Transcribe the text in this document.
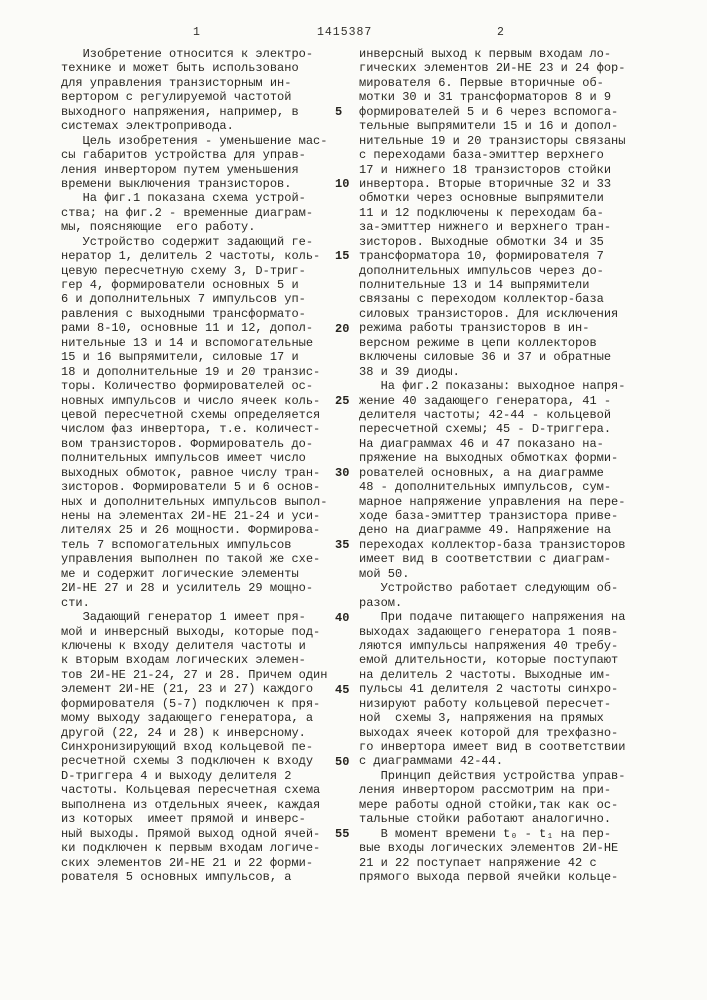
1	1415387	2
Изобретение относится к электро-
технике и может быть использовано
для управления транзисторным ин-
вертором с регулируемой частотой
выходного напряжения, например, в
системах электропривода.
Цель изобретения - уменьшение мас-
сы габаритов устройства для управ-
ления инвертором путем уменьшения
времени выключения транзисторов.
На фиг.1 показана схема устрой-
ства; на фиг.2 - временные диаграм-
мы, поясняющие  его работу.
Устройство содержит задающий ге-
нератор 1, делитель 2 частоты, коль-
цевую пересчетную схему 3, D-триг-
гер 4, формирователи основных 5 и
6 и дополнительных 7 импульсов уп-
равления с выходными трансформато-
рами 8-10, основные 11 и 12, допол-
нительные 13 и 14 и вспомогательные
15 и 16 выпрямители, силовые 17 и
18 и дополнительные 19 и 20 транзис-
торы. Количество формирователей ос-
новных импульсов и число ячеек коль-
цевой пересчетной схемы определяется
числом фаз инвертора, т.е. количест-
вом транзисторов. Формирователь до-
полнительных импульсов имеет число
выходных обмоток, равное числу тран-
зисторов. Формирователи 5 и 6 основ-
ных и дополнительных импульсов выпол-
нены на элементах 2И-НЕ 21-24 и уси-
лителях 25 и 26 мощности. Формирова-
тель 7 вспомогательных импульсов
управления выполнен по такой же схе-
ме и содержит логические элементы
2И-НЕ 27 и 28 и усилитель 29 мощно-
сти.
Задающий генератор 1 имеет пря-
мой и инверсный выходы, которые под-
ключены к входу делителя частоты и
к вторым входам логических элемен-
тов 2И-НЕ 21-24, 27 и 28. Причем один
элемент 2И-НЕ (21, 23 и 27) каждого
формирователя (5-7) подключен к пря-
мому выходу задающего генератора, а
другой (22, 24 и 28) к инверсному.
Синхронизирующий вход кольцевой пе-
ресчетной схемы 3 подключен к входу
D-триггера 4 и выходу делителя 2
частоты. Кольцевая пересчетная схема
выполнена из отдельных ячеек, каждая
из которых  имеет прямой и инверс-
ный выходы. Прямой выход одной ячей-
ки подключен к первым входам логиче-
ских элементов 2И-НЕ 21 и 22 форми-
рователя 5 основных импульсов, а
5
10
15
20
25
30
35
40
45
50
55
инверсный выход к первым входам ло-
гических элементов 2И-НЕ 23 и 24 фор-
мирователя 6. Первые вторичные об-
мотки 30 и 31 трансформаторов 8 и 9
формирователей 5 и 6 через вспомога-
тельные выпрямители 15 и 16 и допол-
нительные 19 и 20 транзисторы связаны
с переходами база-эмиттер верхнего
17 и нижнего 18 транзисторов стойки
инвертора. Вторые вторичные 32 и 33
обмотки через основные выпрямители
11 и 12 подключены к переходам ба-
за-эмиттер нижнего и верхнего тран-
зисторов. Выходные обмотки 34 и 35
трансформатора 10, формирователя 7
дополнительных импульсов через до-
полнительные 13 и 14 выпрямители
связаны с переходом коллектор-база
силовых транзисторов. Для исключения
режима работы транзисторов в ин-
версном режиме в цепи коллекторов
включены силовые 36 и 37 и обратные
38 и 39 диоды.
На фиг.2 показаны: выходное напря-
жение 40 задающего генератора, 41 -
делителя частоты; 42-44 - кольцевой
пересчетной схемы; 45 - D-триггера.
На диаграммах 46 и 47 показано на-
пряжение на выходных обмотках форми-
рователей основных, а на диаграмме
48 - дополнительных импульсов, сум-
марное напряжение управления на пере-
ходе база-эмиттер транзистора приве-
дено на диаграмме 49. Напряжение на
переходах коллектор-база транзисторов
имеет вид в соответствии с диаграм-
мой 50.
Устройство работает следующим об-
разом.
При подаче питающего напряжения на
выходах задающего генератора 1 появ-
ляются импульсы напряжения 40 требу-
емой длительности, которые поступают
на делитель 2 частоты. Выходные им-
пульсы 41 делителя 2 частоты синхро-
низируют работу кольцевой пересчет-
ной  схемы 3, напряжения на прямых
выходах ячеек которой для трехфазно-
го инвертора имеет вид в соответствии
с диаграммами 42-44.
Принцип действия устройства управ-
ления инвертором рассмотрим на при-
мере работы одной стойки,так как ос-
тальные стойки работают аналогично.
В момент времени t₀ - t₁ на пер-
вые входы логических элементов 2И-НЕ
21 и 22 поступает напряжение 42 с
прямого выхода первой ячейки кольце-
